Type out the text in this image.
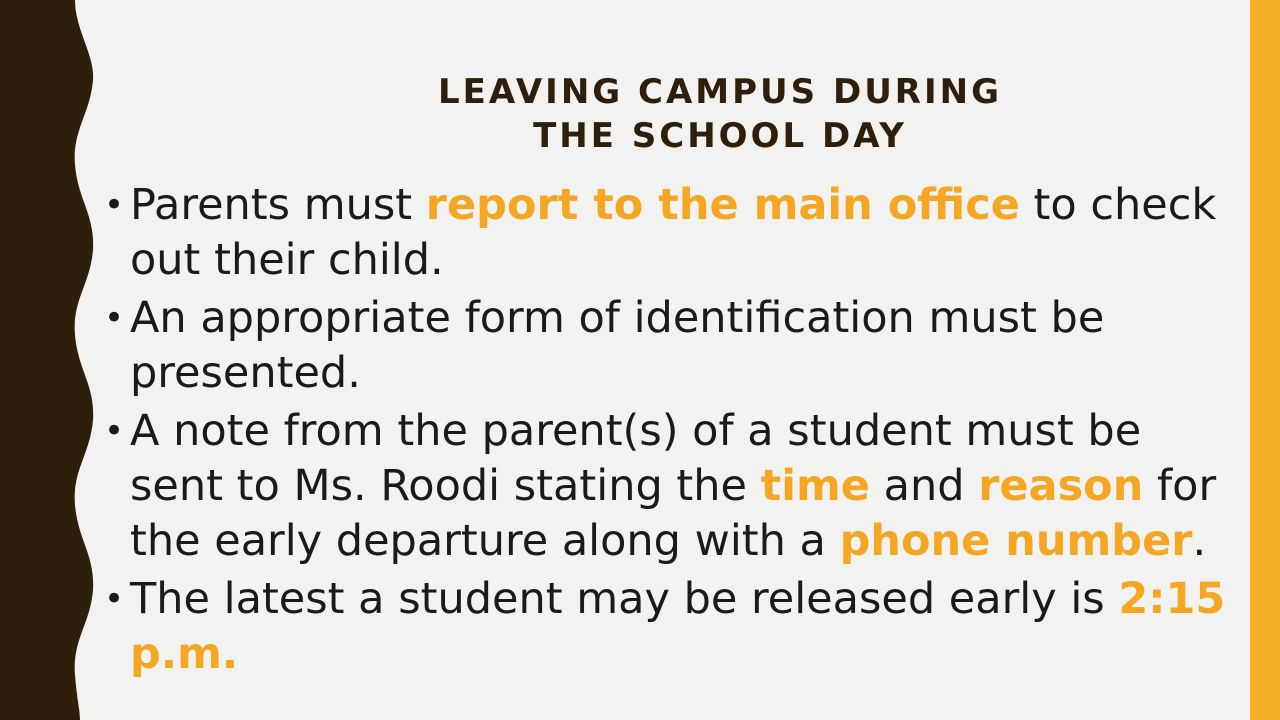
LEAVING CAMPUS DURING
THE SCHOOL DAY
• Parents must report to the main office to check out their child.
• An appropriate form of identification must be presented.
• A note from the parent(s) of a student must be sent to Ms. Roodi stating the time and reason for the early departure along with a phone number.
• The latest a student may be released early is 2:15 p.m.
